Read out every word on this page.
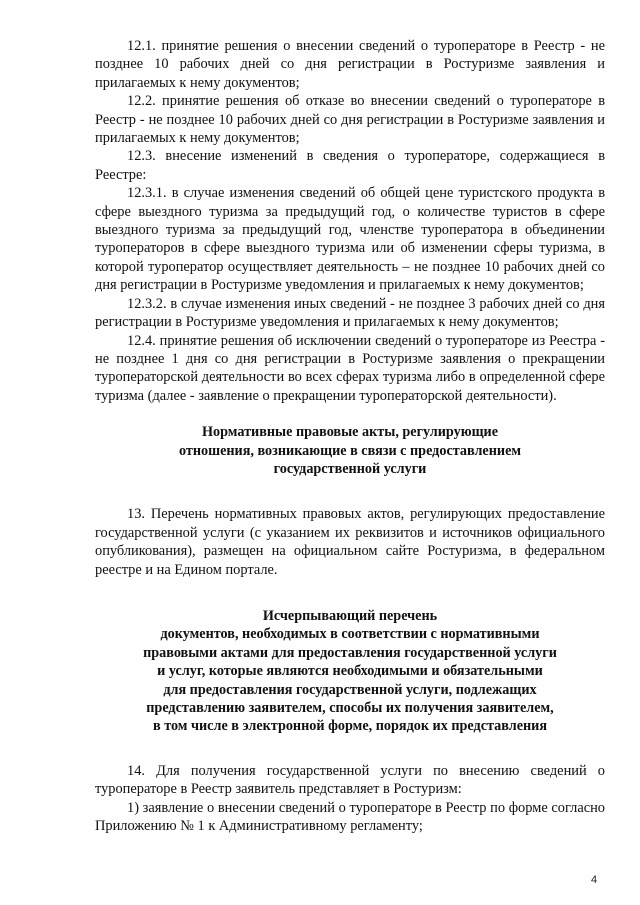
12.1. принятие решения о внесении сведений о туроператоре в Реестр - не позднее 10 рабочих дней со дня регистрации в Ростуризме заявления и прилагаемых к нему документов;

12.2. принятие решения об отказе во внесении сведений о туроператоре в Реестр - не позднее 10 рабочих дней со дня регистрации в Ростуризме заявления и прилагаемых к нему документов;

12.3. внесение изменений в сведения о туроператоре, содержащиеся в Реестре:

12.3.1. в случае изменения сведений об общей цене туристского продукта в сфере выездного туризма за предыдущий год, о количестве туристов в сфере выездного туризма за предыдущий год, членстве туроператора в объединении туроператоров в сфере выездного туризма или об изменении сферы туризма, в которой туроператор осуществляет деятельность – не позднее 10 рабочих дней со дня регистрации в Ростуризме уведомления и прилагаемых к нему документов;

12.3.2. в случае изменения иных сведений - не позднее 3 рабочих дней со дня регистрации в Ростуризме уведомления и прилагаемых к нему документов;

12.4. принятие решения об исключении сведений о туроператоре из Реестра - не позднее 1 дня со дня регистрации в Ростуризме заявления о прекращении туроператорской деятельности во всех сферах туризма либо в определенной сфере туризма (далее - заявление о прекращении туроператорской деятельности).

Нормативные правовые акты, регулирующие
отношения, возникающие в связи с предоставлением
государственной услуги

13. Перечень нормативных правовых актов, регулирующих предоставление государственной услуги (с указанием их реквизитов и источников официального опубликования), размещен на официальном сайте Ростуризма, в федеральном реестре и на Едином портале.

Исчерпывающий перечень
документов, необходимых в соответствии с нормативными
правовыми актами для предоставления государственной услуги
и услуг, которые являются необходимыми и обязательными
для предоставления государственной услуги, подлежащих
представлению заявителем, способы их получения заявителем,
в том числе в электронной форме, порядок их представления

14. Для получения государственной услуги по внесению сведений о туроператоре в Реестр заявитель представляет в Ростуризм:

1) заявление о внесении сведений о туроператоре в Реестр по форме согласно Приложению № 1 к Административному регламенту;

4
